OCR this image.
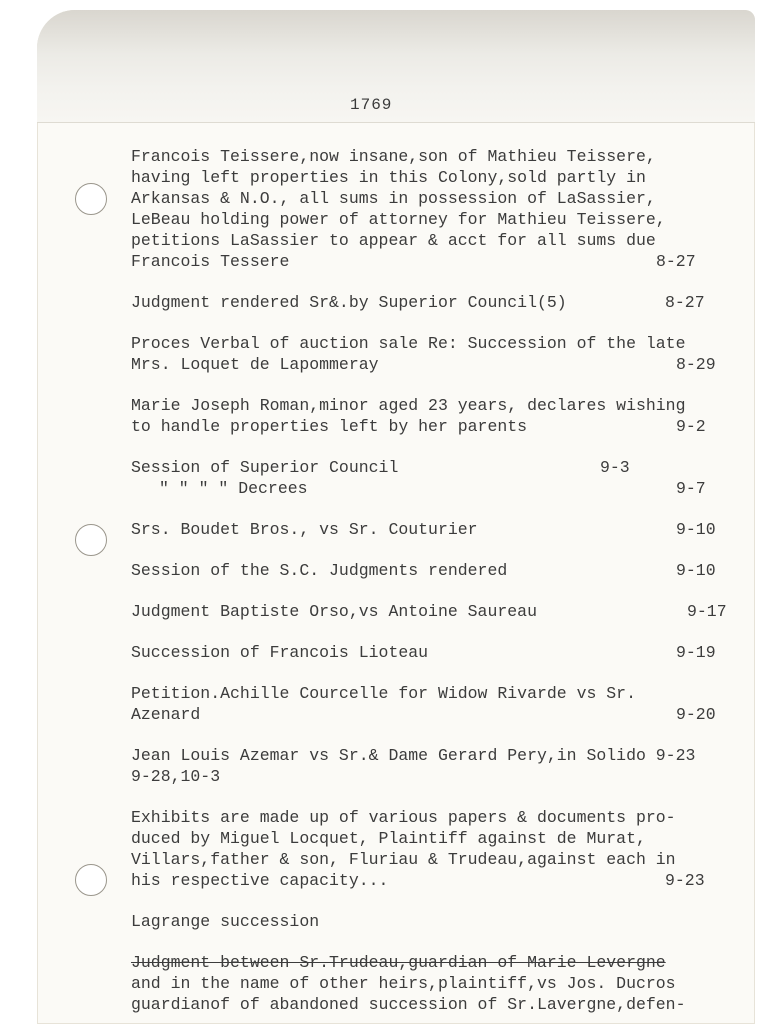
1769
Francois Teissere,now insane,son of Mathieu Teissere,
having left properties in this Colony,sold partly in
Arkansas & N.O., all sums in possession of LaSassier,
LeBeau holding power of attorney for Mathieu Teissere,
petitions LaSassier to appear & acct for all sums due
Francois Tessere	8-27
Judgment rendered Sr&.by Superior Council(5)	8-27
Proces Verbal of auction sale Re: Succession of the late
Mrs. Loquet de Lapommeray	8-29
Marie Joseph Roman,minor aged 23 years, declares wishing
to handle properties left by her parents	9-2
Session of Superior Council	9-3
" " " " Decrees	9-7
Srs. Boudet Bros., vs Sr. Couturier	9-10
Session of the S.C. Judgments rendered	9-10
Judgment Baptiste Orso,vs Antoine Saureau	9-17
Succession of Francois Lioteau	9-19
Petition.Achille Courcelle for Widow Rivarde vs Sr.
Azenard	9-20
Jean Louis Azemar vs Sr.& Dame Gerard Pery,in Solido 9-23
9-28,10-3
Exhibits are made up of various papers & documents pro-
duced by Miguel Locquet, Plaintiff against de Murat,
Villars,father & son, Fluriau & Trudeau,against each in
his respective capacity...	9-23
Lagrange succession
Judgment between Sr.Trudeau,guardian of Marie Levergne
and in the name of other heirs,plaintiff,vs Jos. Ducros
guardianof of abandoned succession of Sr.Lavergne,defen-
